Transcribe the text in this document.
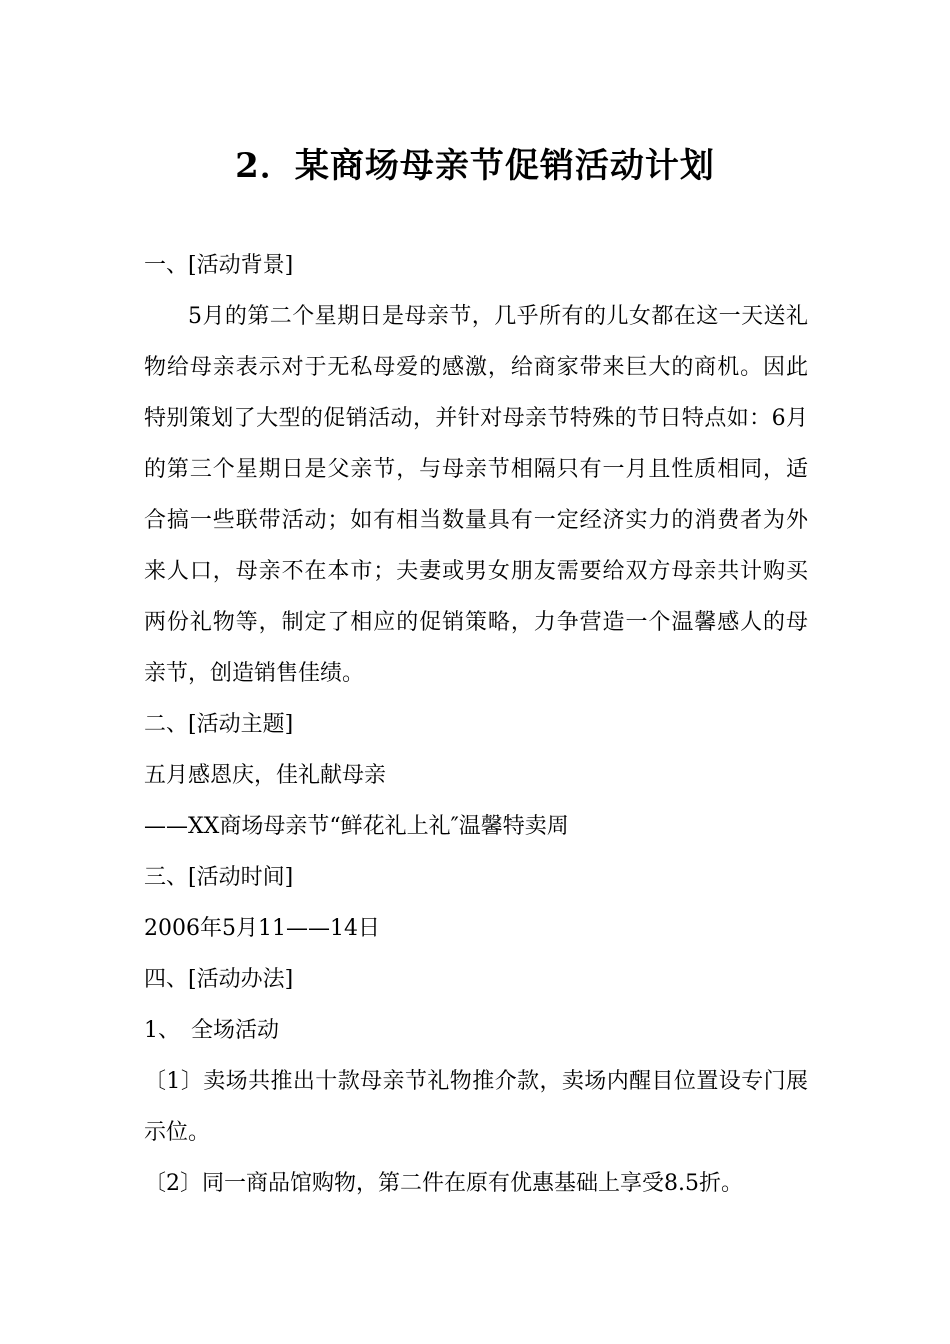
2．某商场母亲节促销活动计划
一、[活动背景]
5月的第二个星期日是母亲节，几乎所有的儿女都在这一天送礼
物给母亲表示对于无私母爱的感激，给商家带来巨大的商机。因此
特别策划了大型的促销活动，并针对母亲节特殊的节日特点如：6月
的第三个星期日是父亲节，与母亲节相隔只有一月且性质相同，适
合搞一些联带活动；如有相当数量具有一定经济实力的消费者为外
来人口，母亲不在本市；夫妻或男女朋友需要给双方母亲共计购买
两份礼物等，制定了相应的促销策略，力争营造一个温馨感人的母
亲节，创造销售佳绩。
二、[活动主题]
五月感恩庆，佳礼献母亲
——XX商场母亲节“鲜花礼上礼″温馨特卖周
三、[活动时间]
2006年5月11——14日
四、[活动办法]
1、　全场活动
〔1〕卖场共推出十款母亲节礼物推介款，卖场内醒目位置设专门展
示位。
〔2〕同一商品馆购物，第二件在原有优惠基础上享受8.5折。
